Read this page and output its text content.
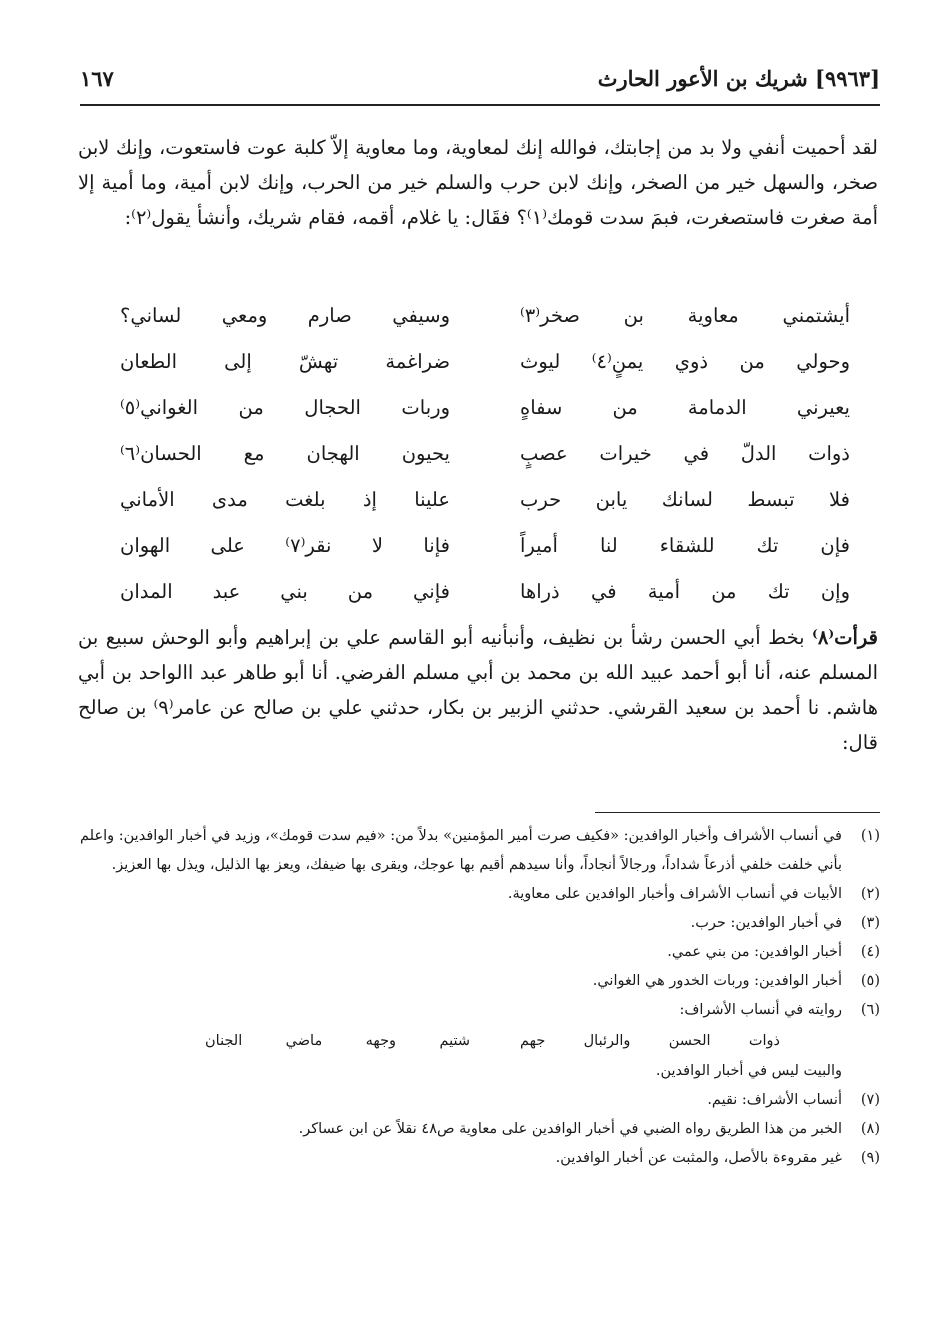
[٩٩٦٣] شريك بن الأعور الحارث
١٦٧

لقد أحميت أنفي ولا بد من إجابتك، فوالله إنك لمعاوية، وما معاوية إلاّ كلبة عوت فاستعوت، وإنك لابن صخر، والسهل خير من الصخر، وإنك لابن حرب والسلم خير من الحرب، وإنك لابن أمية، وما أمية إلا أمة صغرت فاستصغرت، فبمَ سدت قومك⁽١⁾؟ فقَال: يا غلام، أقمه، فقام شريك، وأنشأ يقول⁽٢⁾:

أيشتمني معاوية بن صخر⁽٣⁾
وسيفي صارم ومعي لساني؟
وحولي من ذوي يمنٍ⁽٤⁾ ليوث
ضراغمة تهشّ إلى الطعان
يعيرني الدمامة من سفاهٍ
وربات الحجال من الغواني⁽٥⁾
ذوات الدلّ في خيرات عصبٍ
يحيون الهجان مع الحسان⁽٦⁾
فلا تبسط لسانك يابن حرب
علينا إذ بلغت مدى الأماني
فإن تك للشقاء لنا أميراً
فإنا لا نقر⁽٧⁾ على الهوان
وإن تك من أمية في ذراها
فإني من بني عبد المدان
قرأت⁽٨⁾ بخط أبي الحسن رشأ بن نظيف، وأنبأنيه أبو القاسم علي بن إبراهيم وأبو الوحش سبيع بن المسلم عنه، أنا أبو أحمد عبيد الله بن محمد بن أبي مسلم الفرضي. أنا أبو طاهر عبد االواحد بن أبي هاشم. نا أحمد بن سعيد القرشي. حدثني الزبير بن بكار، حدثني علي بن صالح عن عامر⁽٩⁾ بن صالح قال:
(١)
في أنساب الأشراف وأخبار الوافدين: «فكيف صرت أمير المؤمنين» بدلاً من: «فيم سدت قومك»، وزيد في أخبار الوافدين: واعلم بأني خلفت خلفي أذرعاً شداداً، ورجالاً أنجاداً، وأنا سيدهم أقيم بها عوجك، ويقرى بها ضيفك، ويعز بها الذليل، ويذل بها العزيز.
(٢)
الأبيات في أنساب الأشراف وأخبار الوافدين على معاوية.
(٣)
في أخبار الوافدين: حرب.
(٤)
أخبار الوافدين: من بني عمي.
(٥)
أخبار الوافدين: وربات الخدور هي الغواني.
(٦)
روايته في أنساب الأشراف:
ذوات الحسن والرئبال جهم
شتيم وجهه ماضي الجنان
والبيت ليس في أخبار الوافدين.
(٧)
أنساب الأشراف: نقيم.
(٨)
الخبر من هذا الطريق رواه الضبي في أخبار الوافدين على معاوية ص٤٨ نقلاً عن ابن عساكر.
(٩)
غير مقروءة بالأصل، والمثبت عن أخبار الوافدين.
